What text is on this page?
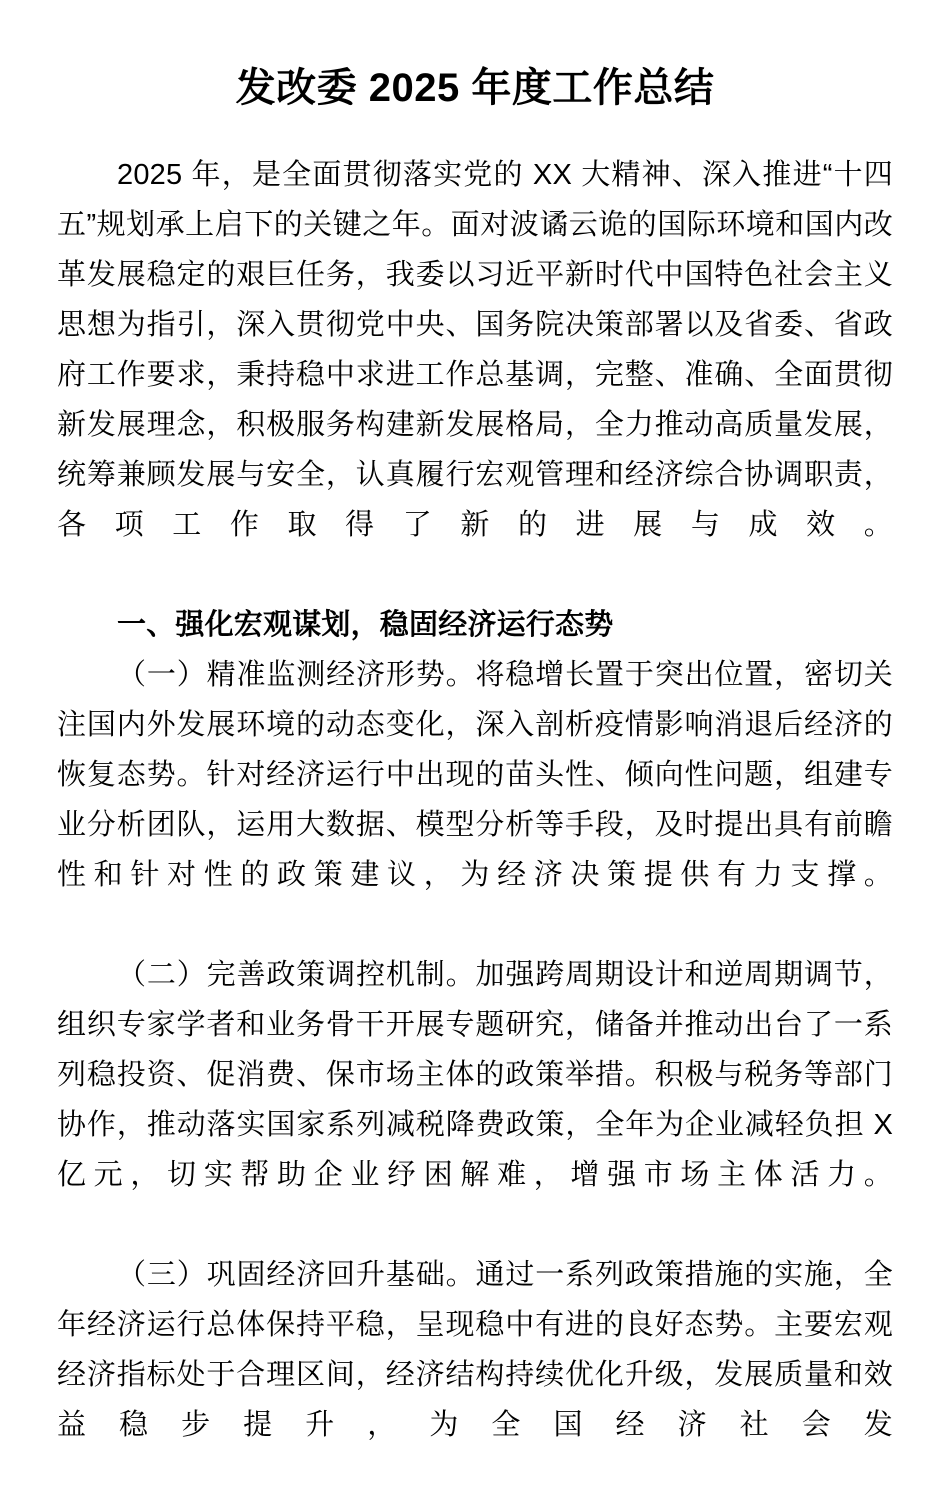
发改委 2025 年度工作总结

2025 年，是全面贯彻落实党的 XX 大精神、深入推进“十四五”规划承上启下的关键之年。面对波谲云诡的国际环境和国内改革发展稳定的艰巨任务，我委以习近平新时代中国特色社会主义思想为指引，深入贯彻党中央、国务院决策部署以及省委、省政府工作要求，秉持稳中求进工作总基调，完整、准确、全面贯彻新发展理念，积极服务构建新发展格局，全力推动高质量发展，统筹兼顾发展与安全，认真履行宏观管理和经济综合协调职责，各项工作取得了新的进展与成效。

一、强化宏观谋划，稳固经济运行态势

（一）精准监测经济形势。将稳增长置于突出位置，密切关注国内外发展环境的动态变化，深入剖析疫情影响消退后经济的恢复态势。针对经济运行中出现的苗头性、倾向性问题，组建专业分析团队，运用大数据、模型分析等手段，及时提出具有前瞻性和针对性的政策建议，为经济决策提供有力支撑。

（二）完善政策调控机制。加强跨周期设计和逆周期调节，组织专家学者和业务骨干开展专题研究，储备并推动出台了一系列稳投资、促消费、保市场主体的政策举措。积极与税务等部门协作，推动落实国家系列减税降费政策，全年为企业减轻负担 X 亿元，切实帮助企业纾困解难，增强市场主体活力。

（三）巩固经济回升基础。通过一系列政策措施的实施，全年经济运行总体保持平稳，呈现稳中有进的良好态势。主要宏观经济指标处于合理区间，经济结构持续优化升级，发展质量和效益稳步提升，为全国经济社会发
